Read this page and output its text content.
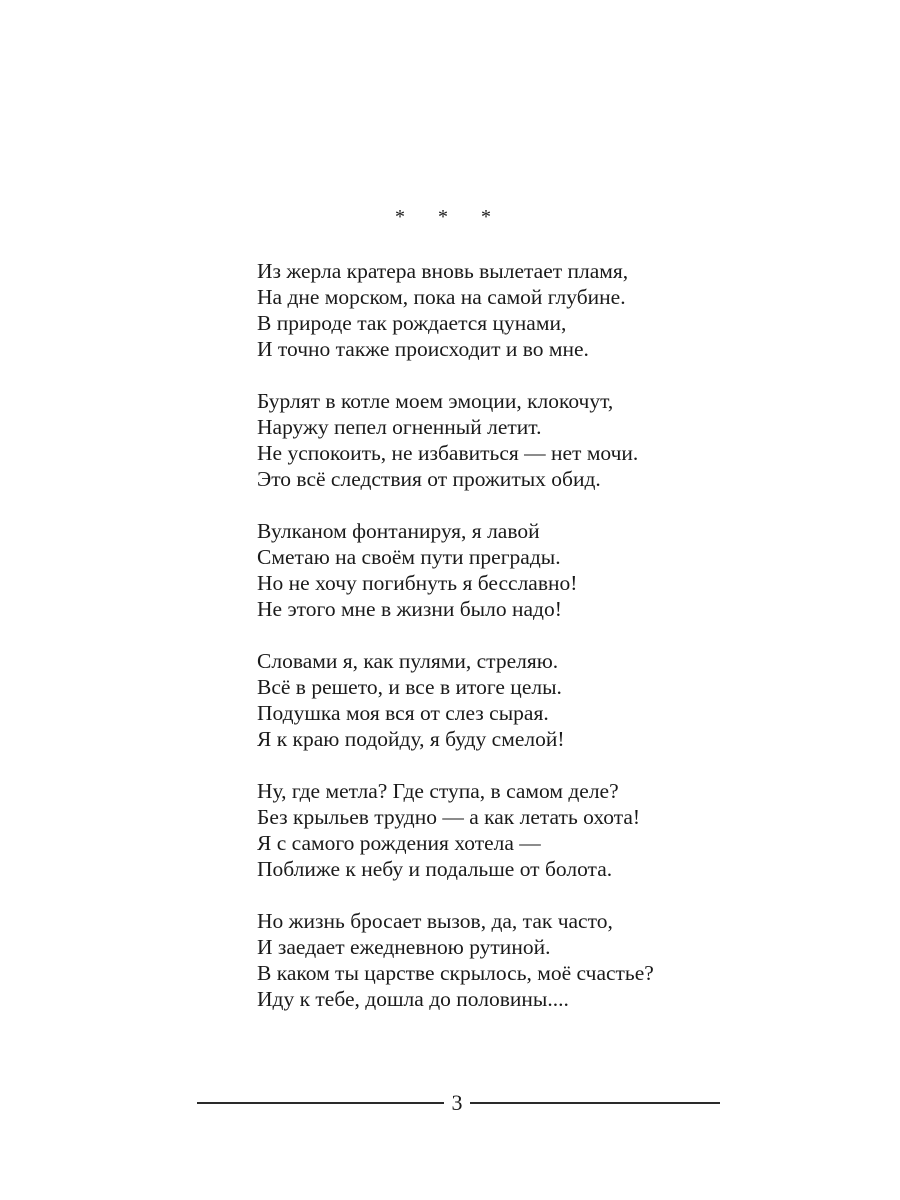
* * *
Из жерла кратера вновь вылетает пламя,
На дне морском, пока на самой глубине.
В природе так рождается цунами,
И точно также происходит и во мне.
Бурлят в котле моем эмоции, клокочут,
Наружу пепел огненный летит.
Не успокоить, не избавиться — нет мочи.
Это всё следствия от прожитых обид.
Вулканом фонтанируя, я лавой
Сметаю на своём пути преграды.
Но не хочу погибнуть я бесславно!
Не этого мне в жизни было надо!
Словами я, как пулями, стреляю.
Всё в решето, и все в итоге целы.
Подушка моя вся от слез сырая.
Я к краю подойду, я буду смелой!
Ну, где метла? Где ступа, в самом деле?
Без крыльев трудно — а как летать охота!
Я с самого рождения хотела —
Поближе к небу и подальше от болота.
Но жизнь бросает вызов, да, так часто,
И заедает ежедневною рутиной.
В каком ты царстве скрылось, моё счастье?
Иду к тебе, дошла до половины....
3
